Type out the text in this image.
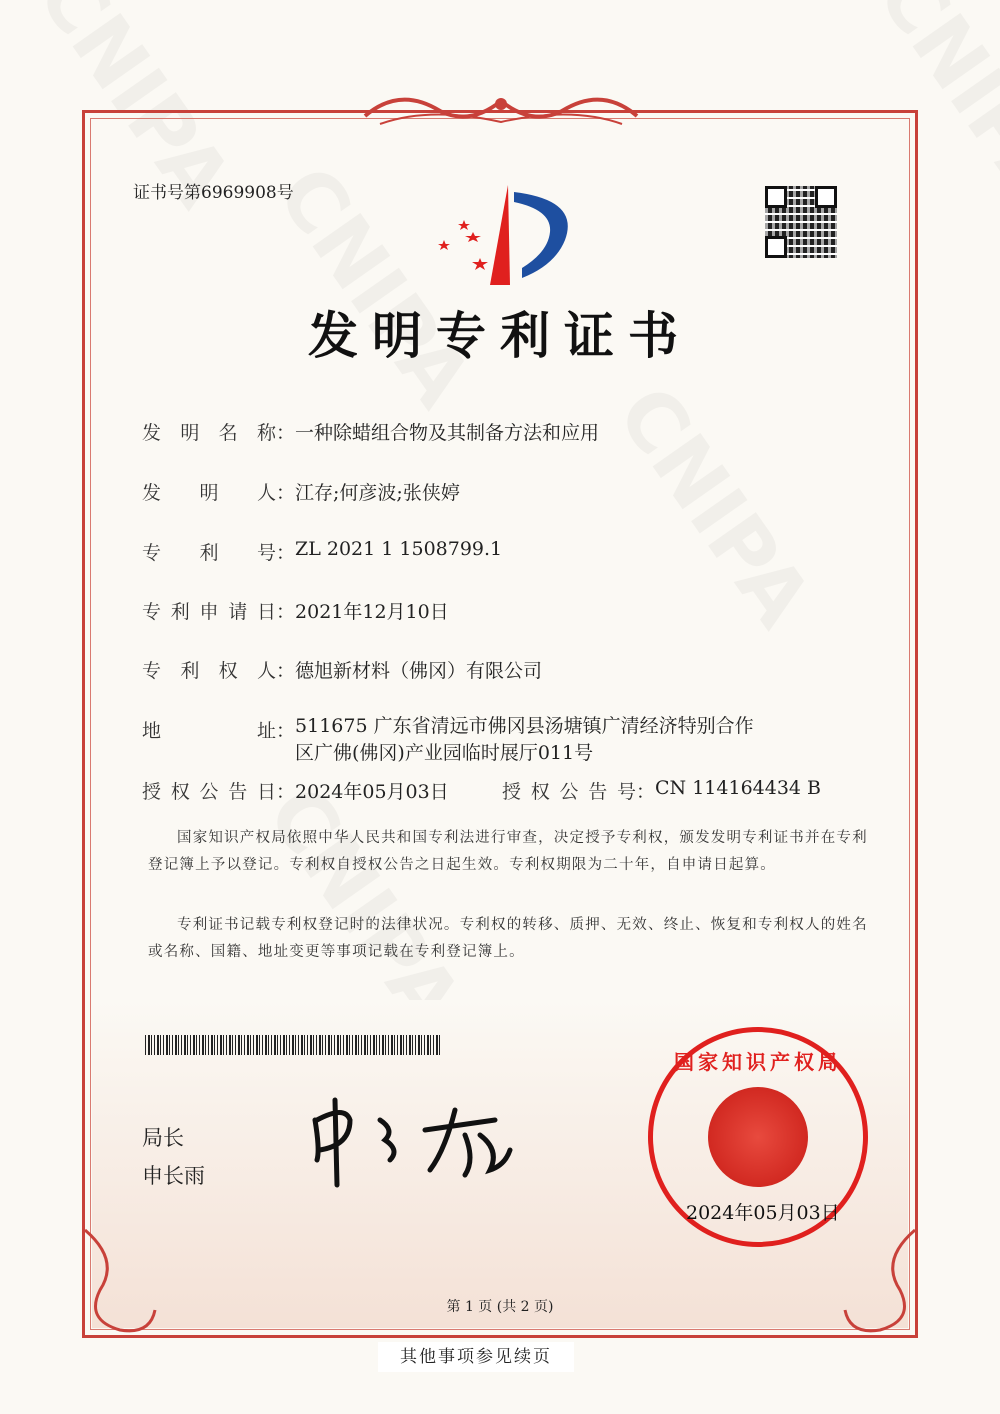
证书号第6969908号
发明专利证书
发明名称 ： 一种除蜡组合物及其制备方法和应用
发明人 ： 江存;何彦波;张侠婷
专利号 ： ZL 2021 1 1508799.1
专利申请日 ： 2021年12月10日
专利权人 ： 德旭新材料（佛冈）有限公司
地址 ： 511675 广东省清远市佛冈县汤塘镇广清经济特别合作
区广佛(佛冈)产业园临时展厅011号
授权公告日 ： 2024年05月03日	授权公告号 ： CN 114164434 B
国家知识产权局依照中华人民共和国专利法进行审查，决定授予专利权，颁发发明专利证书并在专利登记簿上予以登记。专利权自授权公告之日起生效。专利权期限为二十年，自申请日起算。
专利证书记载专利权登记时的法律状况。专利权的转移、质押、无效、终止、恢复和专利权人的姓名或名称、国籍、地址变更等事项记载在专利登记簿上。
局长
申长雨
国家知识产权局
2024年05月03日
第 1 页 (共 2 页)
其他事项参见续页
